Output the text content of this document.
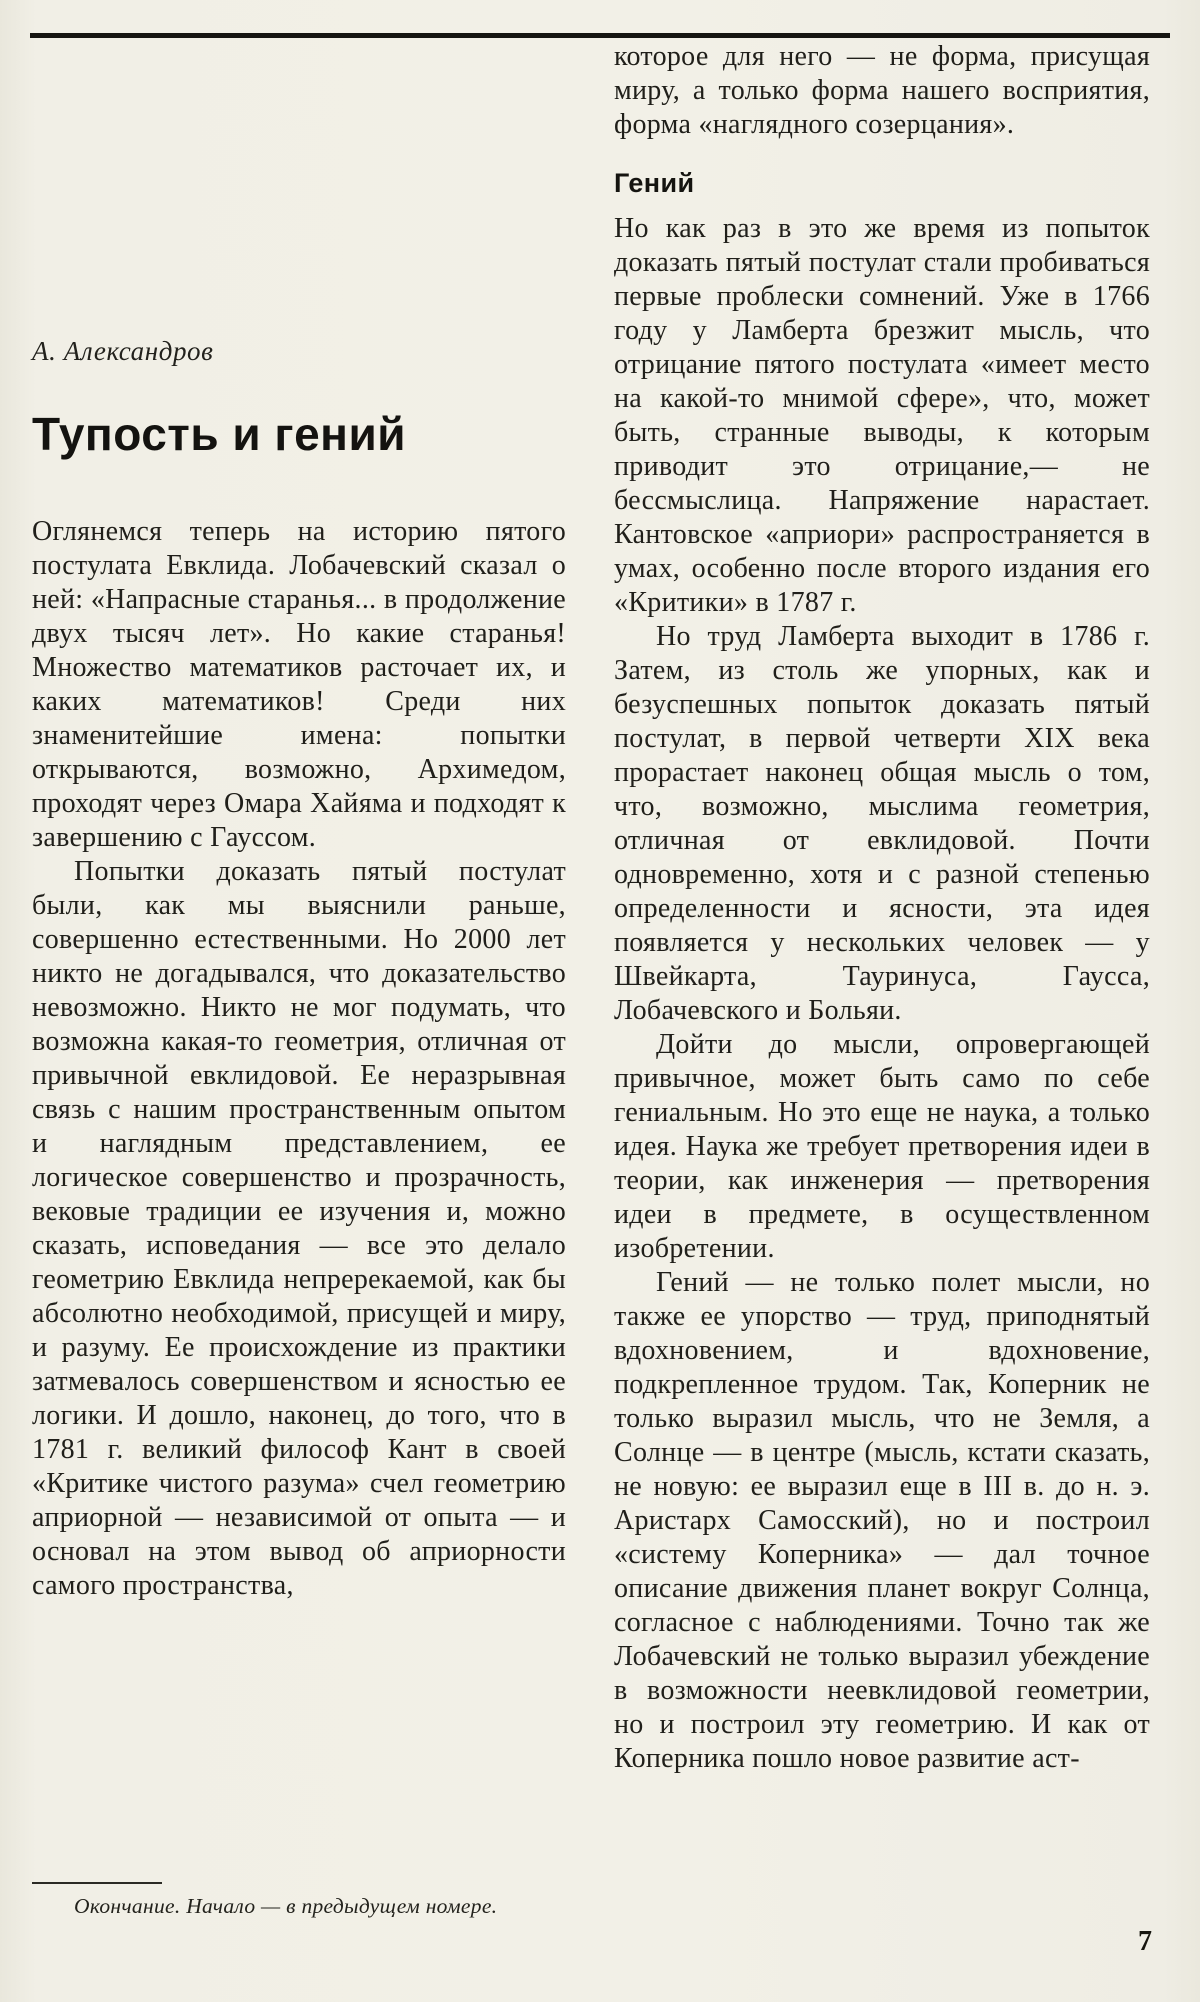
А. Александров
Тупость и гений

Оглянемся теперь на историю пятого постулата Евклида. Лобачевский сказал о ней: «Напрасные старанья... в продолжение двух тысяч лет». Но какие старанья! Множество математиков расточает их, и каких математиков! Среди них знаменитейшие имена: попытки открываются, возможно, Архимедом, проходят через Омара Хайяма и подходят к завершению с Гауссом.

Попытки доказать пятый постулат были, как мы выяснили раньше, совершенно естественными. Но 2000 лет никто не догадывался, что доказательство невозможно. Никто не мог подумать, что возможна какая-то геометрия, отличная от привычной евклидовой. Ее неразрывная связь с нашим пространственным опытом и наглядным представлением, ее логическое совершенство и прозрачность, вековые традиции ее изучения и, можно сказать, исповедания — все это делало геометрию Евклида непререкаемой, как бы абсолютно необходимой, присущей и миру, и разуму. Ее происхождение из практики затмевалось совершенством и ясностью ее логики. И дошло, наконец, до того, что в 1781 г. великий философ Кант в своей «Критике чистого разума» счел геометрию априорной — независимой от опыта — и основал на этом вывод об априорности самого пространства,

Окончание. Начало — в предыдущем номере.

которое для него — не форма, присущая миру, а только форма нашего восприятия, форма «наглядного созерцания».

Гений

Но как раз в это же время из попыток доказать пятый постулат стали пробиваться первые проблески сомнений. Уже в 1766 году у Ламберта брезжит мысль, что отрицание пятого постулата «имеет место на какой-то мнимой сфере», что, может быть, странные выводы, к которым приводит это отрицание,— не бессмыслица. Напряжение нарастает. Кантовское «априори» распространяется в умах, особенно после второго издания его «Критики» в 1787 г.

Но труд Ламберта выходит в 1786 г. Затем, из столь же упорных, как и безуспешных попыток доказать пятый постулат, в первой четверти XIX века прорастает наконец общая мысль о том, что, возможно, мыслима геометрия, отличная от евклидовой. Почти одновременно, хотя и с разной степенью определенности и ясности, эта идея появляется у нескольких человек — у Швейкарта, Тауринуса, Гаусса, Лобачевского и Больяи.

Дойти до мысли, опровергающей привычное, может быть само по себе гениальным. Но это еще не наука, а только идея. Наука же требует претворения идеи в теории, как инженерия — претворения идеи в предмете, в осуществленном изобретении.

Гений — не только полет мысли, но также ее упорство — труд, приподнятый вдохновением, и вдохновение, подкрепленное трудом. Так, Коперник не только выразил мысль, что не Земля, а Солнце — в центре (мысль, кстати сказать, не новую: ее выразил еще в III в. до н. э. Аристарх Самосский), но и построил «систему Коперника» — дал точное описание движения планет вокруг Солнца, согласное с наблюдениями. Точно так же Лобачевский не только выразил убеждение в возможности неевклидовой геометрии, но и построил эту геометрию. И как от Коперника пошло новое развитие аст-

7
